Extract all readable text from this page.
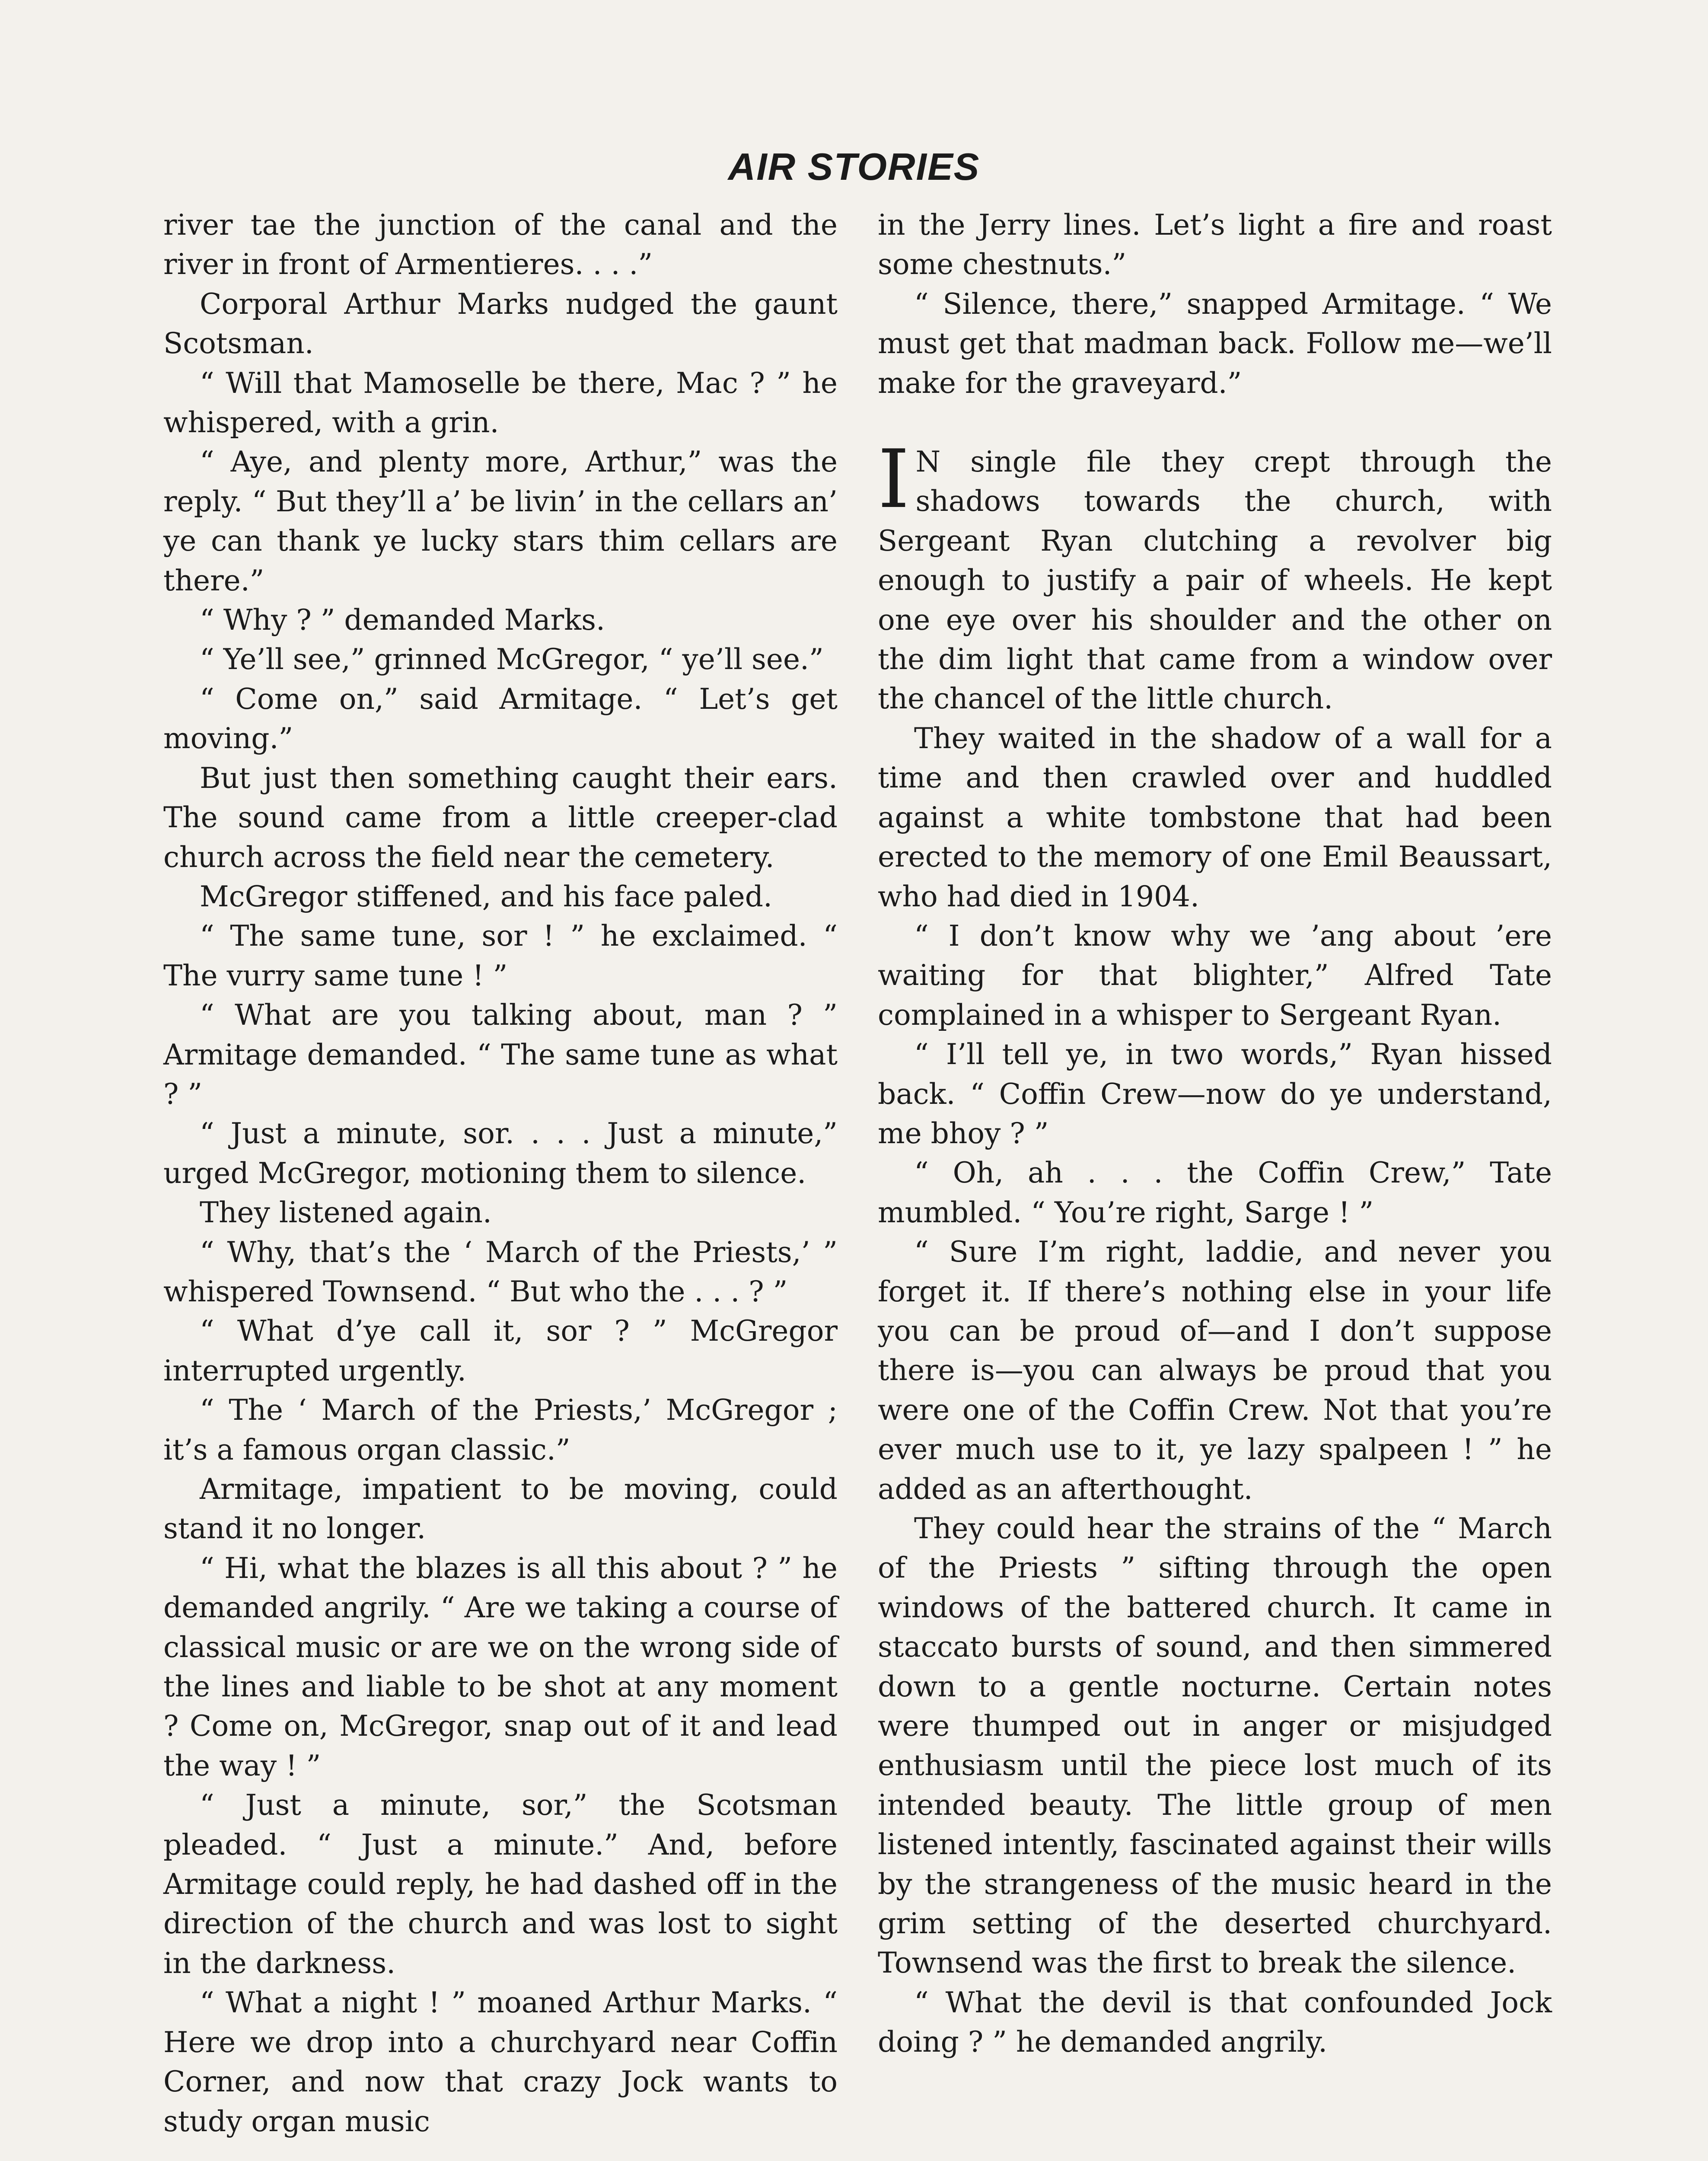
AIR STORIES

river tae the junction of the canal and the river in front of Armentieres. . . .”

Corporal Arthur Marks nudged the gaunt Scotsman.

“ Will that Mamoselle be there, Mac ? ” he whispered, with a grin.

“ Aye, and plenty more, Arthur,” was the reply. “ But they’ll a’ be livin’ in the cellars an’ ye can thank ye lucky stars thim cellars are there.”

“ Why ? ” demanded Marks.

“ Ye’ll see,” grinned McGregor, “ ye’ll see.”

“ Come on,” said Armitage. “ Let’s get moving.”

But just then something caught their ears. The sound came from a little creeper-clad church across the field near the cemetery.

McGregor stiffened, and his face paled.

“ The same tune, sor ! ” he exclaimed. “ The vurry same tune ! ”

“ What are you talking about, man ? ” Armitage demanded. “ The same tune as what ? ”

“ Just a minute, sor. . . . Just a minute,” urged McGregor, motioning them to silence.

They listened again.

“ Why, that’s the ‘ March of the Priests,’ ” whispered Townsend. “ But who the . . . ? ”

“ What d’ye call it, sor ? ” McGregor interrupted urgently.

“ The ‘ March of the Priests,’ McGregor ; it’s a famous organ classic.”

Armitage, impatient to be moving, could stand it no longer.

“ Hi, what the blazes is all this about ? ” he demanded angrily. “ Are we taking a course of classical music or are we on the wrong side of the lines and liable to be shot at any moment ? Come on, McGregor, snap out of it and lead the way ! ”

“ Just a minute, sor,” the Scotsman pleaded. “ Just a minute.” And, before Armitage could reply, he had dashed off in the direction of the church and was lost to sight in the darkness.

“ What a night ! ” moaned Arthur Marks. “ Here we drop into a churchyard near Coffin Corner, and now that crazy Jock wants to study organ music

in the Jerry lines. Let’s light a fire and roast some chestnuts.”

“ Silence, there,” snapped Armitage. “ We must get that madman back. Follow me—we’ll make for the graveyard.”

I N single file they crept through the shadows towards the church, with Sergeant Ryan clutching a revolver big enough to justify a pair of wheels. He kept one eye over his shoulder and the other on the dim light that came from a window over the chancel of the little church.

They waited in the shadow of a wall for a time and then crawled over and huddled against a white tombstone that had been erected to the memory of one Emil Beaussart, who had died in 1904.

“ I don’t know why we ’ang about ’ere waiting for that blighter,” Alfred Tate complained in a whisper to Sergeant Ryan.

“ I’ll tell ye, in two words,” Ryan hissed back. “ Coffin Crew—now do ye understand, me bhoy ? ”

“ Oh, ah . . . the Coffin Crew,” Tate mumbled. “ You’re right, Sarge ! ”

“ Sure I’m right, laddie, and never you forget it. If there’s nothing else in your life you can be proud of—and I don’t suppose there is—you can always be proud that you were one of the Coffin Crew. Not that you’re ever much use to it, ye lazy spalpeen ! ” he added as an afterthought.

They could hear the strains of the “ March of the Priests ” sifting through the open windows of the battered church. It came in staccato bursts of sound, and then simmered down to a gentle nocturne. Certain notes were thumped out in anger or misjudged enthusiasm until the piece lost much of its intended beauty. The little group of men listened intently, fascinated against their wills by the strangeness of the music heard in the grim setting of the deserted churchyard. Townsend was the first to break the silence.

“ What the devil is that confounded Jock doing ? ” he demanded angrily.
